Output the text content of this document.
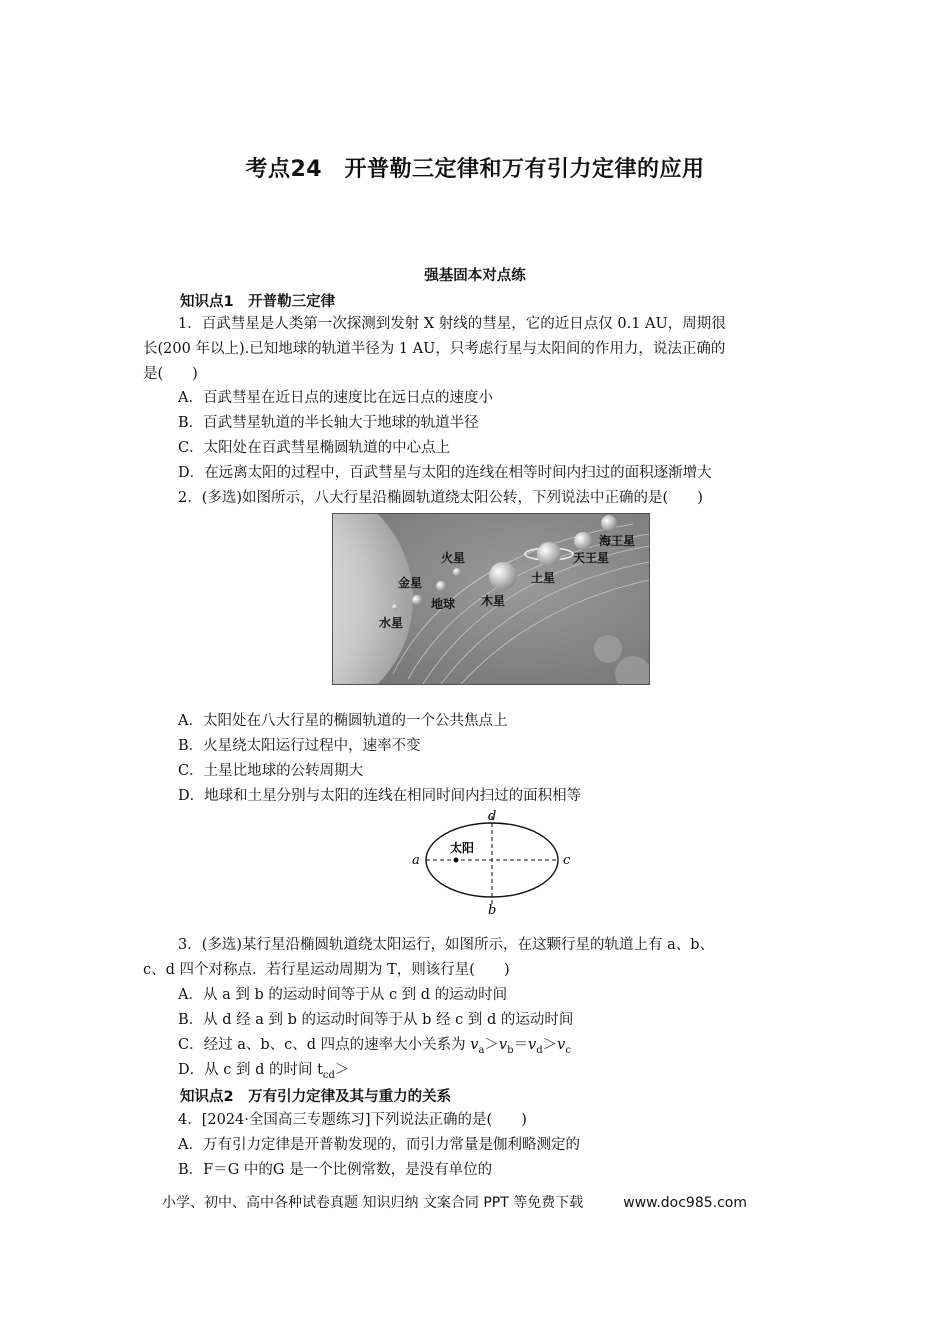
考点24　开普勒三定律和万有引力定律的应用
强基固本对点练
知识点1　开普勒三定律
1．百武彗星是人类第一次探测到发射 X 射线的彗星，它的近日点仅 0.1 AU，周期很
长(200 年以上).已知地球的轨道半径为 1 AU，只考虑行星与太阳间的作用力，说法正确的
是(　　)
A．百武彗星在近日点的速度比在远日点的速度小
B．百武彗星轨道的半长轴大于地球的轨道半径
C．太阳处在百武彗星椭圆轨道的中心点上
D．在远离太阳的过程中，百武彗星与太阳的连线在相等时间内扫过的面积逐渐增大
2．(多选)如图所示，八大行星沿椭圆轨道绕太阳公转，下列说法中正确的是(　　)
水星
金星
地球
火星
木星
土星
天王星
海王星
A．太阳处在八大行星的椭圆轨道的一个公共焦点上
B．火星绕太阳运行过程中，速率不变
C．土星比地球的公转周期大
D．地球和土星分别与太阳的连线在相同时间内扫过的面积相等
太阳
a	c
d
b
3．(多选)某行星沿椭圆轨道绕太阳运行，如图所示，在这颗行星的轨道上有 a、b、
c、d 四个对称点．若行星运动周期为 T，则该行星(　　)
A．从 a 到 b 的运动时间等于从 c 到 d 的运动时间
B．从 d 经 a 到 b 的运动时间等于从 b 经 c 到 d 的运动时间
C．经过 a、b、c、d 四点的速率大小关系为 $v_a>v_b=v_d>v_c$
D．从 c 到 d 的时间 $t_{cd}>$
知识点2　万有引力定律及其与重力的关系
4．[2024·全国高三专题练习]下列说法正确的是(　　)
A．万有引力定律是开普勒发现的，而引力常量是伽利略测定的
B．F＝G 中的G 是一个比例常数，是没有单位的
小学、初中、高中各种试卷真题 知识归纳 文案合同 PPT 等免费下载	www.doc985.com
